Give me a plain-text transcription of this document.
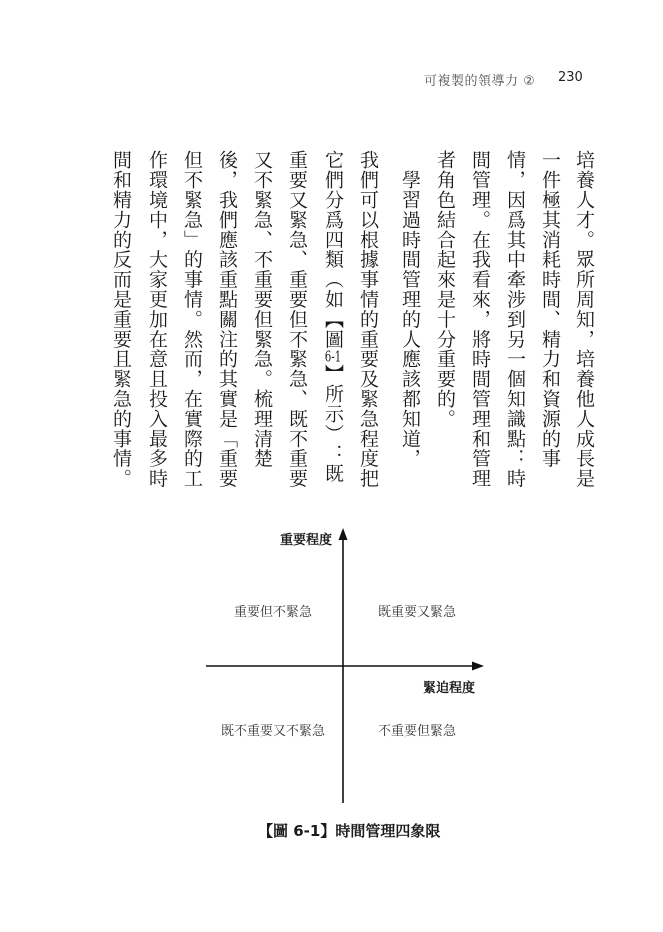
可複製的領導力 ② 230
培養人才。眾所周知，培養他人成長是
一件極其消耗時間、精力和資源的事
情，因爲其中牽涉到另一個知識點：時
間管理。在我看來，將時間管理和管理
者角色結合起來是十分重要的。
　學習過時間管理的人應該都知道，
我們可以根據事情的重要及緊急程度把
它們分爲四類（如【圖6-1】所示）：既
重要又緊急、重要但不緊急、既不重要
又不緊急、不重要但緊急。梳理清楚
後，我們應該重點關注的其實是「重要
但不緊急」的事情。然而，在實際的工
作環境中，大家更加在意且投入最多時
間和精力的反而是重要且緊急的事情。
重要程度
緊迫程度
重要但不緊急	既重要又緊急
既不重要又不緊急	不重要但緊急
【圖 6-1】時間管理四象限
